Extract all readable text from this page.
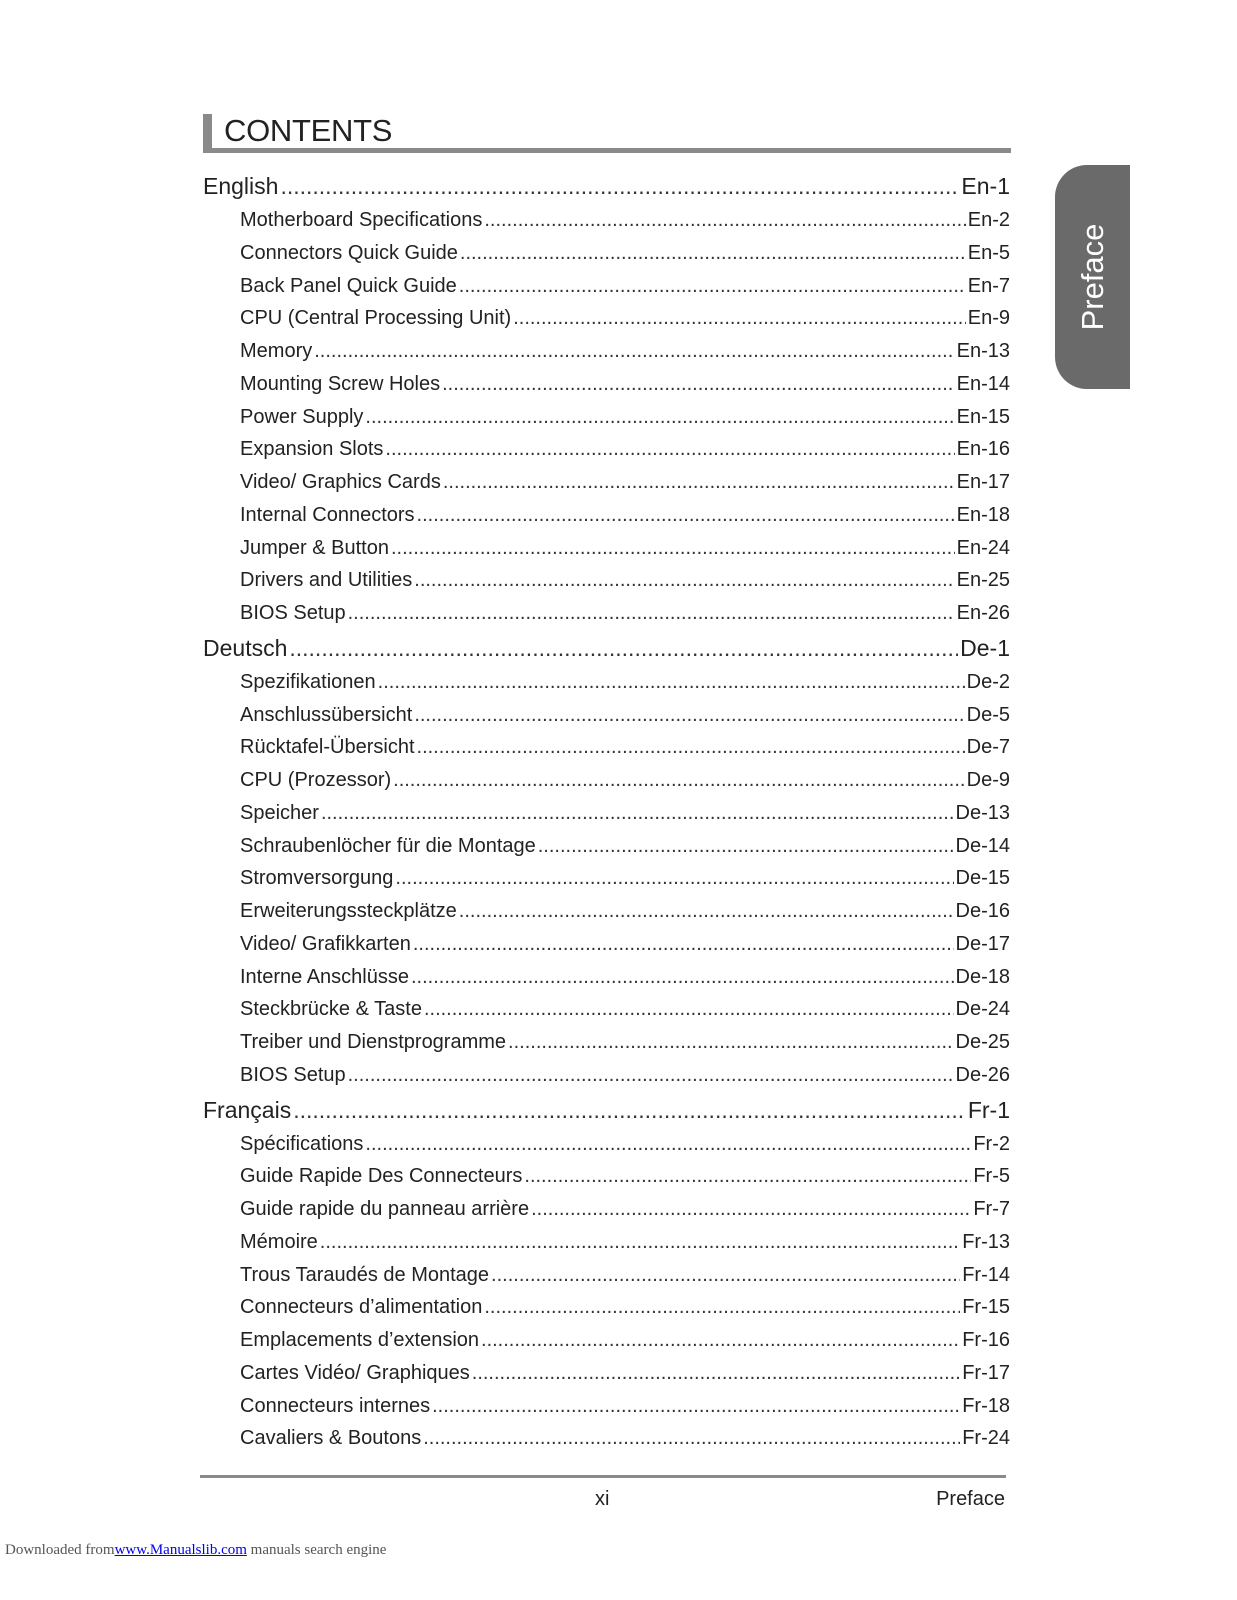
CONTENTS
Preface
English .....	En-1
Motherboard Specifications .....	En-2
Connectors Quick Guide .....	En-5
Back Panel Quick Guide .....	En-7
CPU (Central Processing Unit) .....	En-9
Memory .....	En-13
Mounting Screw Holes .....	En-14
Power Supply .....	En-15
Expansion Slots .....	En-16
Video/ Graphics Cards .....	En-17
Internal Connectors .....	En-18
Jumper & Button .....	En-24
Drivers and Utilities .....	En-25
BIOS Setup .....	En-26
Deutsch .....	De-1
Spezifikationen .....	De-2
Anschlussübersicht .....	De-5
Rücktafel-Übersicht .....	De-7
CPU (Prozessor) .....	De-9
Speicher .....	De-13
Schraubenlöcher für die Montage .....	De-14
Stromversorgung .....	De-15
Erweiterungssteckplätze .....	De-16
Video/ Grafikkarten .....	De-17
Interne Anschlüsse .....	De-18
Steckbrücke & Taste .....	De-24
Treiber und Dienstprogramme .....	De-25
BIOS Setup .....	De-26
Français .....	Fr-1
Spécifications .....	Fr-2
Guide Rapide Des Connecteurs .....	Fr-5
Guide rapide du panneau arrière .....	Fr-7
Mémoire .....	Fr-13
Trous Taraudés de Montage .....	Fr-14
Connecteurs d’alimentation .....	Fr-15
Emplacements d’extension .....	Fr-16
Cartes Vidéo/ Graphiques .....	Fr-17
Connecteurs internes .....	Fr-18
Cavaliers & Boutons .....	Fr-24
xi	Preface
Downloaded fromwww.Manualslib.com manuals search engine
